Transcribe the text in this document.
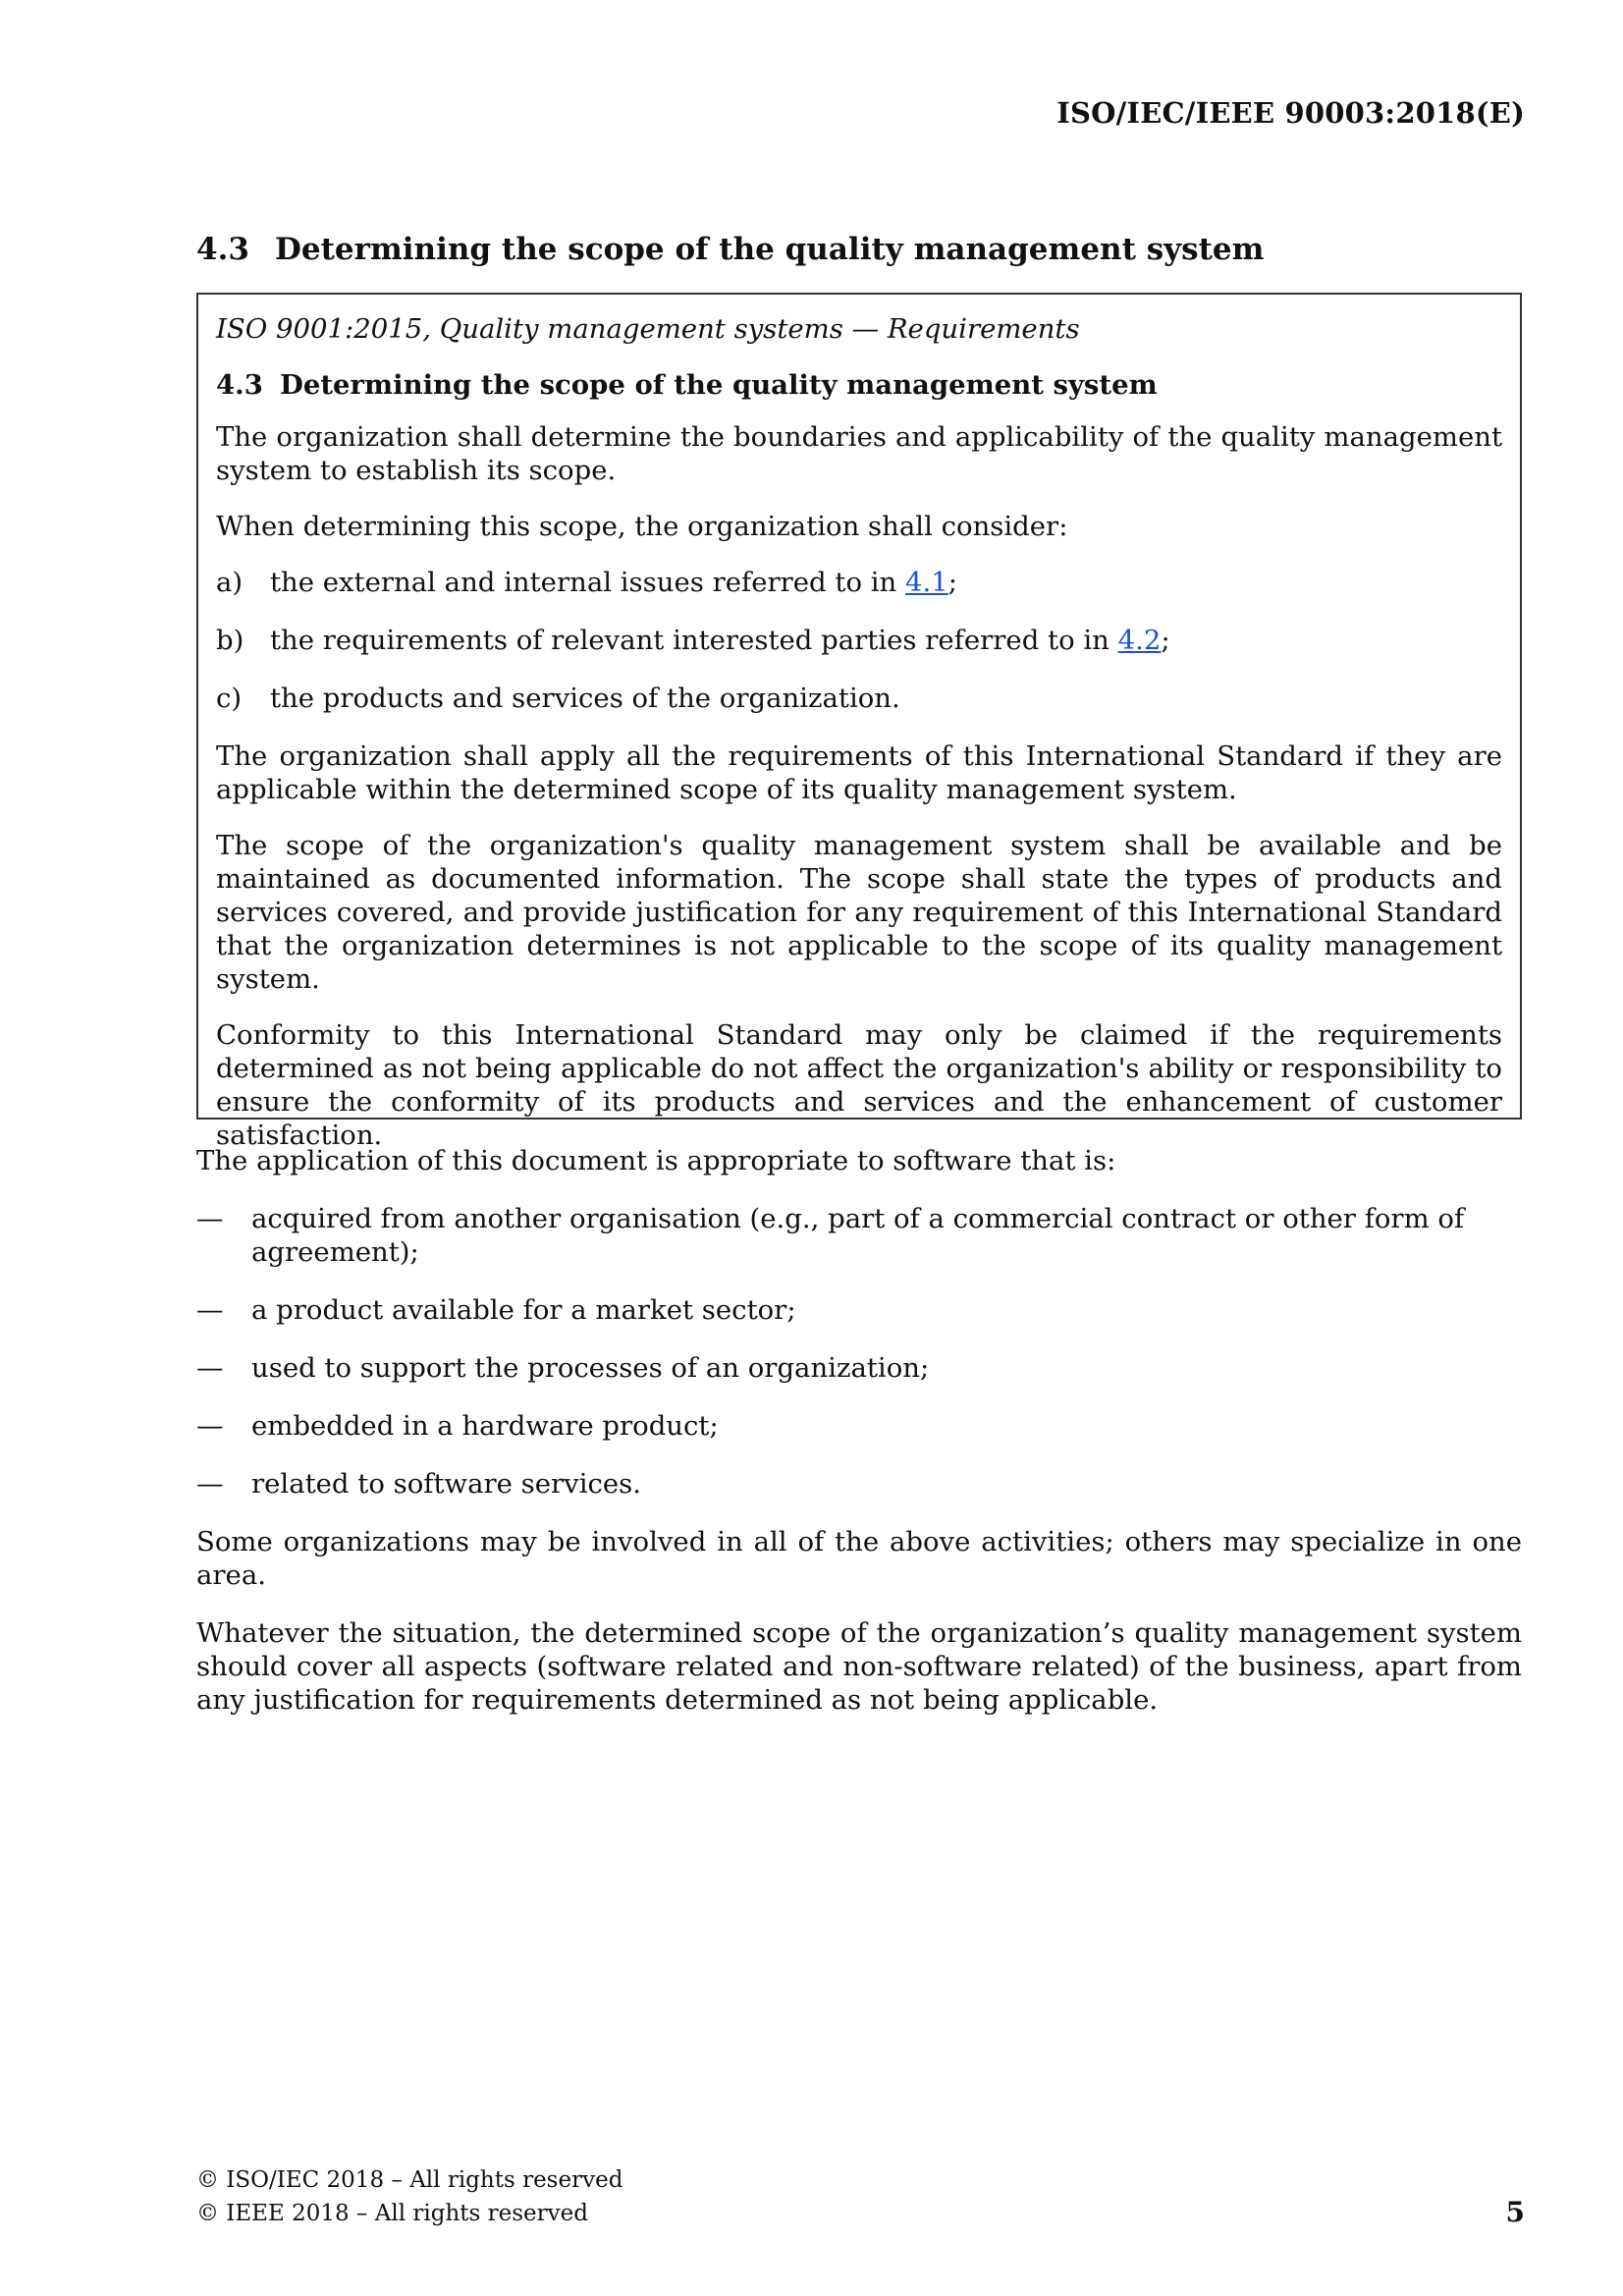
ISO/IEC/IEEE 90003:2018(E)
4.3 Determining the scope of the quality management system
ISO 9001:2015, Quality management systems — Requirements
4.3 Determining the scope of the quality management system

The organization shall determine the boundaries and applicability of the quality management system to establish its scope.

When determining this scope, the organization shall consider:

a)	the external and internal issues referred to in 4.1;
b) the requirements of relevant interested parties referred to in 4.2;
c)	the products and services of the organization.

The organization shall apply all the requirements of this International Standard if they are applicable within the determined scope of its quality management system.

The scope of the organization's quality management system shall be available and be maintained as documented information. The scope shall state the types of products and services covered, and provide justification for any requirement of this International Standard that the organization determines is not applicable to the scope of its quality management system.

Conformity to this International Standard may only be claimed if the requirements determined as not being applicable do not affect the organization's ability or responsibility to ensure the conformity of its products and services and the enhancement of customer satisfaction.

The application of this document is appropriate to software that is:

—	acquired from another organisation (e.g., part of a commercial contract or other form of agreement);
—	a product available for a market sector;
—	used to support the processes of an organization;
—	embedded in a hardware product;
—	related to software services.

Some organizations may be involved in all of the above activities; others may specialize in one area.

Whatever the situation, the determined scope of the organization’s quality management system should cover all aspects (software related and non-software related) of the business, apart from any justification for requirements determined as not being applicable.

© ISO/IEC 2018 – All rights reserved
© IEEE 2018 – All rights reserved	5
